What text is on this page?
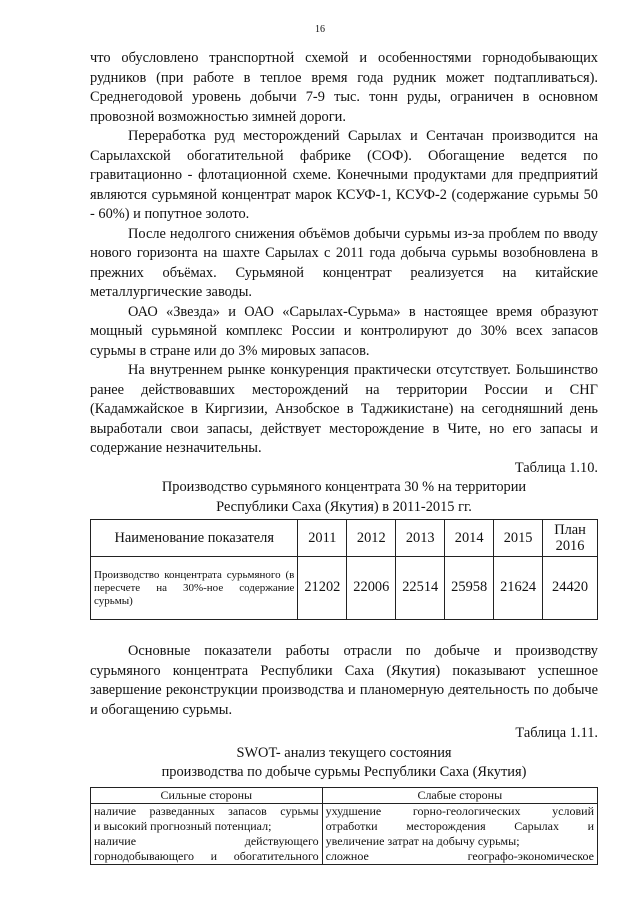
16

что обусловлено транспортной схемой и особенностями горнодобывающих рудников (при работе в теплое время года рудник может подтапливаться). Среднегодовой уровень добычи 7-9 тыс. тонн руды, ограничен в основном провозной возможностью зимней дороги.

Переработка руд месторождений Сарылах и Сентачан производится на Сарылахской обогатительной фабрике (СОФ). Обогащение ведется по гравитационно - флотационной схеме. Конечными продуктами для предприятий являются сурьмяной концентрат марок КСУФ-1, КСУФ-2 (содержание сурьмы 50 - 60%) и попутное золото.

После недолгого снижения объёмов добычи сурьмы из-за проблем по вводу нового горизонта на шахте Сарылах с 2011 года добыча сурьмы возобновлена в прежних объёмах. Сурьмяной концентрат реализуется на китайские металлургические заводы.

ОАО «Звезда» и ОАО «Сарылах-Сурьма» в настоящее время образуют мощный сурьмяной комплекс России и контролируют до 30% всех запасов сурьмы в стране или до 3% мировых запасов.

На внутреннем рынке конкуренция практически отсутствует. Большинство ранее действовавших месторождений на территории России и СНГ (Кадамжайское в Киргизии, Анзобское в Таджикистане) на сегодняшний день выработали свои запасы, действует месторождение в Чите, но его запасы и содержание незначительны.

Таблица 1.10.

Производство сурьмяного концентрата 30 % на территории

Республики Саха (Якутия) в 2011-2015 гг.

Наименование показателя	2011	2012	2013	2014	2015	План
2016
Производство концентрата сурьмяного (в пересчете на 30%-ное содержание сурьмы)	21202	22006	22514	25958	21624	24420

Основные показатели работы отрасли по добыче и производству сурьмяного концентрата Республики Саха (Якутия) показывают успешное завершение реконструкции производства и планомерную деятельность по добыче и обогащению сурьмы.

Таблица 1.11.

SWOT- анализ текущего состояния

производства по добыче сурьмы Республики Саха (Якутия)

Сильные стороны	Слабые стороны

наличие разведанных запасов сурьмы
и высокий прогнозный потенциал;
наличие действующего
горнодобывающего и обогатительного	ухудшение горно-геологических условий
отработки месторождения Сарылах и
увеличение затрат на добычу сурьмы;
сложное географо-экономическое
